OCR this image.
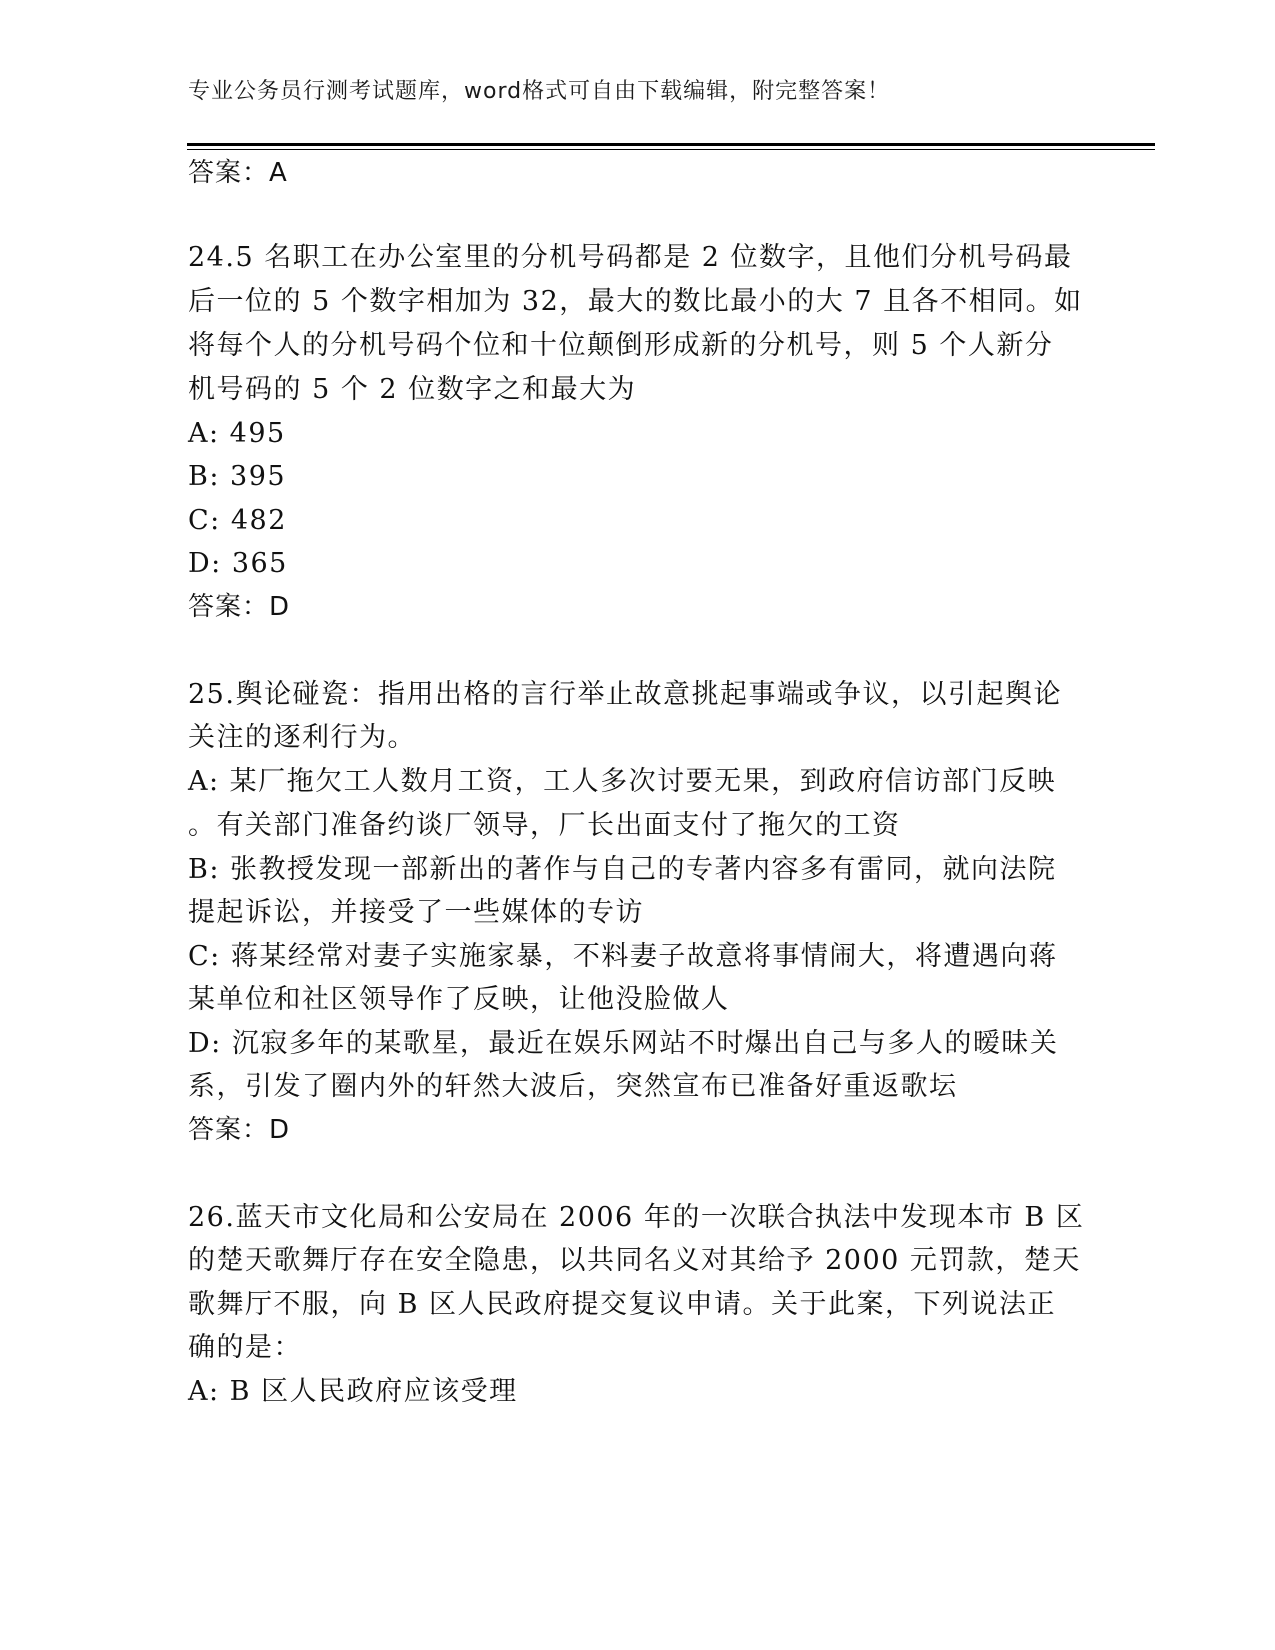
专业公务员行测考试题库，word格式可自由下载编辑，附完整答案！
答案：A
24.5 名职工在办公室里的分机号码都是 2 位数字，且他们分机号码最
后一位的 5 个数字相加为 32，最大的数比最小的大 7 且各不相同。如
将每个人的分机号码个位和十位颠倒形成新的分机号，则 5 个人新分
机号码的 5 个 2 位数字之和最大为
A: 495
B: 395
C: 482
D: 365
答案：D
25.舆论碰瓷：指用出格的言行举止故意挑起事端或争议，以引起舆论
关注的逐利行为。
A: 某厂拖欠工人数月工资，工人多次讨要无果，到政府信访部门反映
。有关部门准备约谈厂领导，厂长出面支付了拖欠的工资
B: 张教授发现一部新出的著作与自己的专著内容多有雷同，就向法院
提起诉讼，并接受了一些媒体的专访
C: 蒋某经常对妻子实施家暴，不料妻子故意将事情闹大，将遭遇向蒋
某单位和社区领导作了反映，让他没脸做人
D: 沉寂多年的某歌星，最近在娱乐网站不时爆出自己与多人的暧昧关
系，引发了圈内外的轩然大波后，突然宣布已准备好重返歌坛
答案：D
26.蓝天市文化局和公安局在 2006 年的一次联合执法中发现本市 B 区
的楚天歌舞厅存在安全隐患，以共同名义对其给予 2000 元罚款，楚天
歌舞厅不服，向 B 区人民政府提交复议申请。关于此案，下列说法正
确的是：
A: B 区人民政府应该受理
